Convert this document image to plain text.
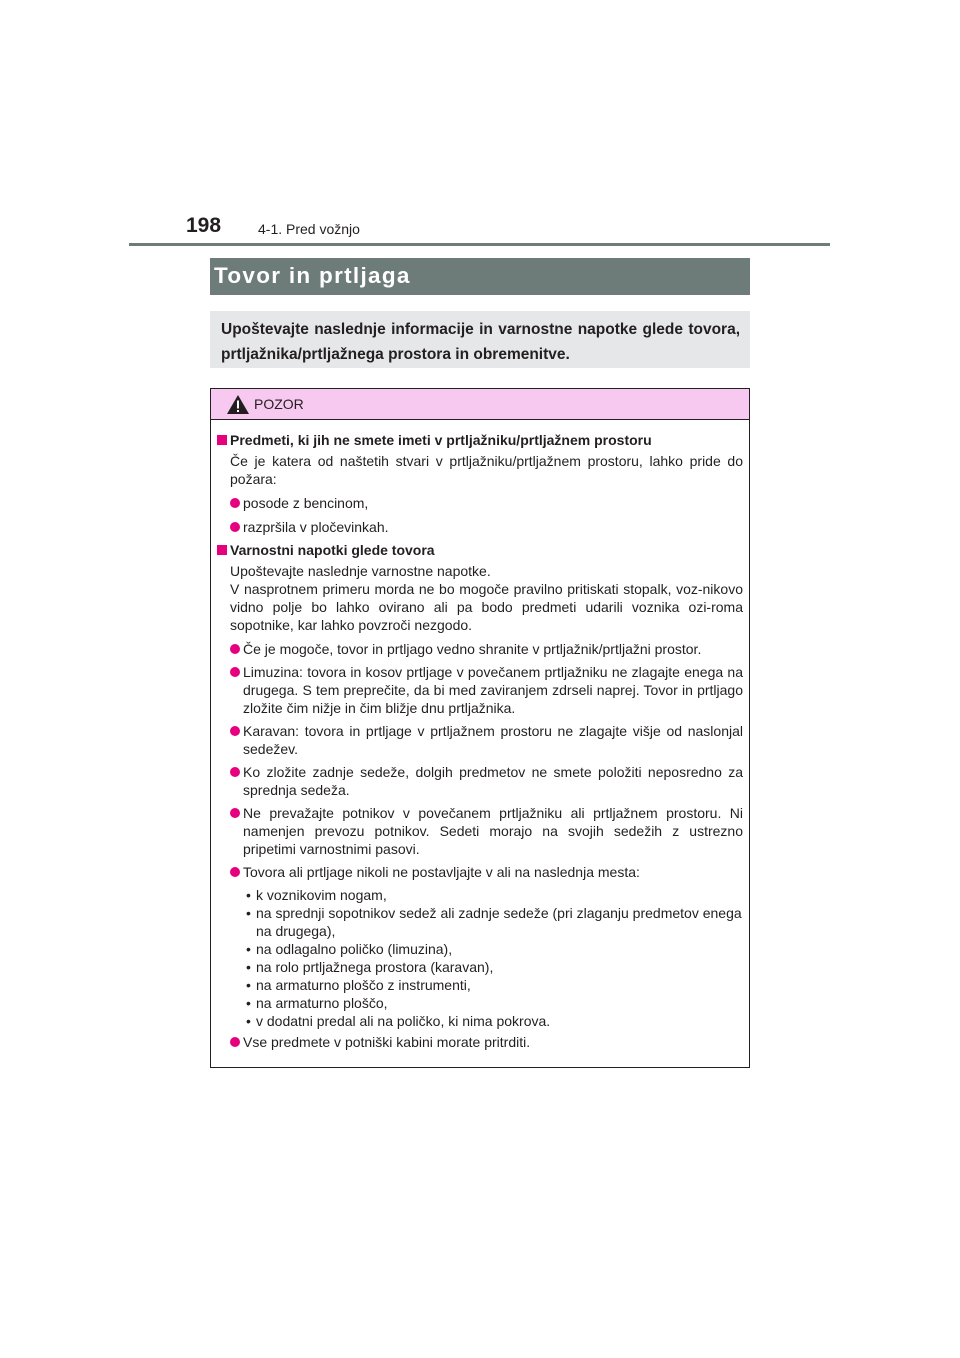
198	4-1. Pred vožnjo
Tovor in prtljaga

Upoštevajte naslednje informacije in varnostne napotke glede tovora, prtljažnika/prtljažnega prostora in obremenitve.

POZOR

Predmeti, ki jih ne smete imeti v prtljažniku/prtljažnem prostoru

Če je katera od naštetih stvari v prtljažniku/prtljažnem prostoru, lahko pride do požara:

posode z bencinom,

razpršila v pločevinkah.

Varnostni napotki glede tovora

Upoštevajte naslednje varnostne napotke.

V nasprotnem primeru morda ne bo mogoče pravilno pritiskati stopalk, voz-nikovo vidno polje bo lahko ovirano ali pa bodo predmeti udarili voznika ozi-roma sopotnike, kar lahko povzroči nezgodo.

Če je mogoče, tovor in prtljago vedno shranite v prtljažnik/prtljažni prostor.

Limuzina: tovora in kosov prtljage v povečanem prtljažniku ne zlagajte enega na drugega. S tem preprečite, da bi med zaviranjem zdrseli naprej. Tovor in prtljago zložite čim nižje in čim bližje dnu prtljažnika.

Karavan: tovora in prtljage v prtljažnem prostoru ne zlagajte višje od naslonjal sedežev.

Ko zložite zadnje sedeže, dolgih predmetov ne smete položiti neposredno za sprednja sedeža.

Ne prevažajte potnikov v povečanem prtljažniku ali prtljažnem prostoru. Ni namenjen prevozu potnikov. Sedeti morajo na svojih sedežih z ustrezno pripetimi varnostnimi pasovi.

Tovora ali prtljage nikoli ne postavljajte v ali na naslednja mesta:

• k voznikovim nogam,

• na sprednji sopotnikov sedež ali zadnje sedeže (pri zlaganju predmetov enega na drugega),

• na odlagalno poličko (limuzina),

• na rolo prtljažnega prostora (karavan),

• na armaturno ploščo z instrumenti,

• na armaturno ploščo,

• v dodatni predal ali na poličko, ki nima pokrova.

Vse predmete v potniški kabini morate pritrditi.
